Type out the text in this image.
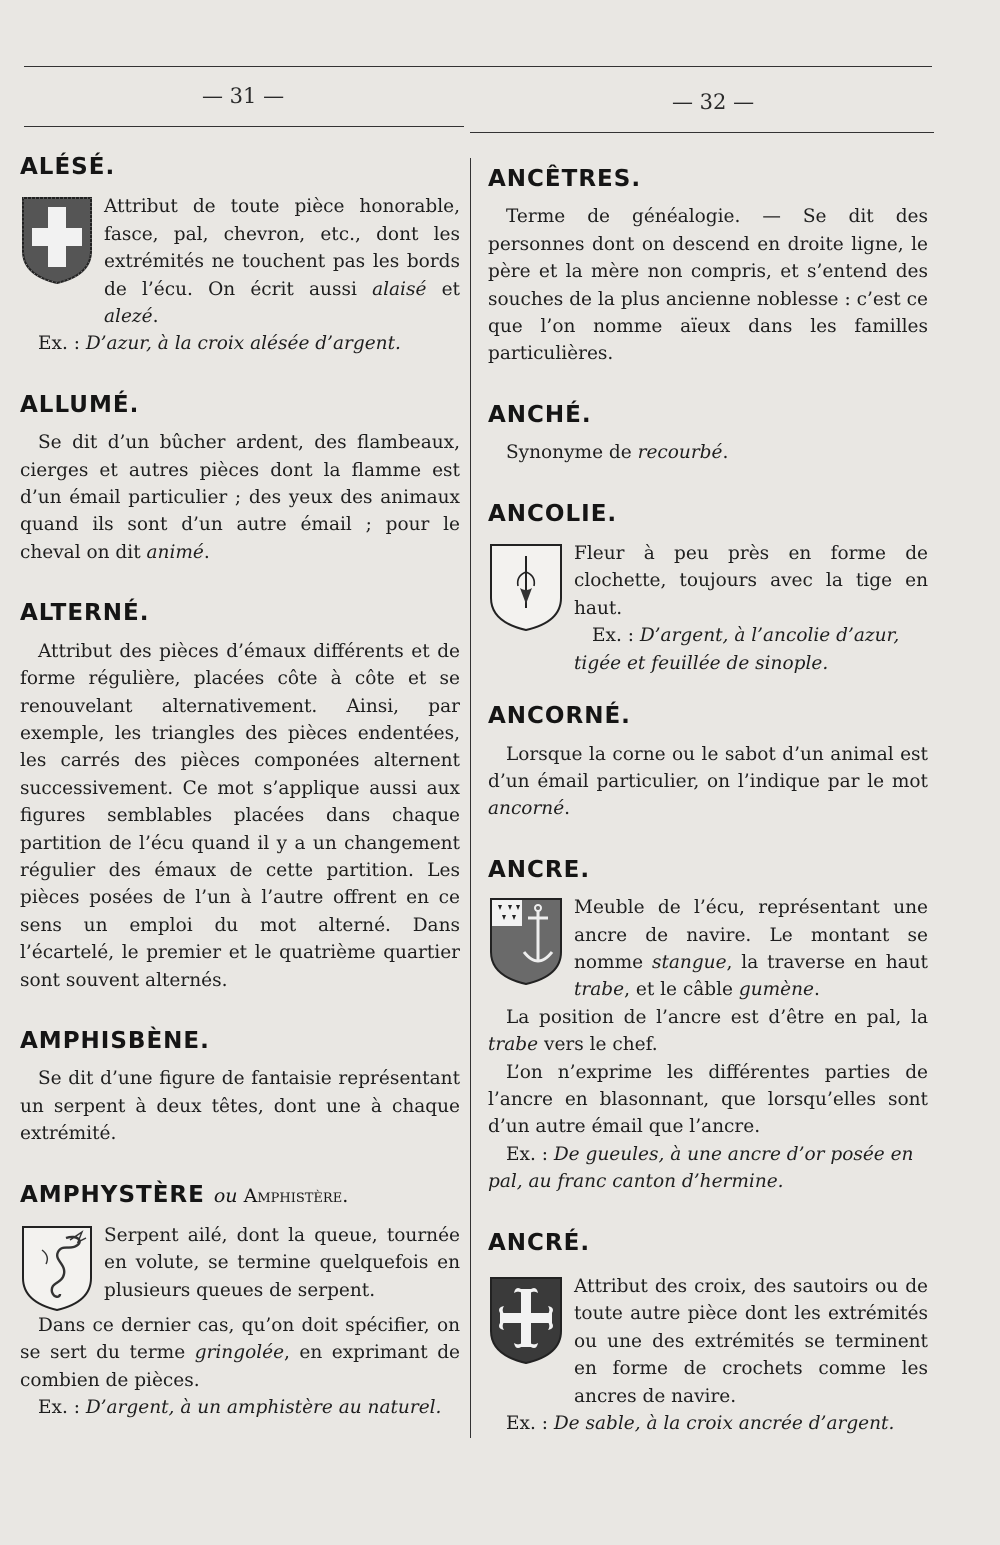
— 31 —	— 32 —
ALÉSÉ.

Attribut de toute pièce honorable, fasce, pal, chevron, etc., dont les extrémités ne touchent pas les bords de l’écu. On écrit aussi alaisé et alezé.

Ex. : D’azur, à la croix alésée d’argent.

ALLUMÉ.

Se dit d’un bûcher ardent, des flambeaux, cierges et autres pièces dont la flamme est d’un émail particulier ; des yeux des animaux quand ils sont d’un autre émail ; pour le cheval on dit animé.

ALTERNÉ.

Attribut des pièces d’émaux différents et de forme régulière, placées côte à côte et se renouvelant alternativement. Ainsi, par exemple, les triangles des pièces endentées, les carrés des pièces componées alternent successivement. Ce mot s’applique aussi aux figures semblables placées dans chaque partition de l’écu quand il y a un changement régulier des émaux de cette partition. Les pièces posées de l’un à l’autre offrent en ce sens un emploi du mot alterné. Dans l’écartelé, le premier et le quatrième quartier sont souvent alternés.

AMPHISBÈNE.

Se dit d’une figure de fantaisie représentant un serpent à deux têtes, dont une à chaque extrémité.

AMPHYSTÈRE ou Amphistère.

Serpent ailé, dont la queue, tournée en volute, se termine quelquefois en plusieurs queues de serpent.

Dans ce dernier cas, qu’on doit spécifier, on se sert du terme gringolée, en exprimant de combien de pièces.

Ex. : D’argent, à un amphistère au naturel.

ANCÊTRES.

Terme de généalogie. — Se dit des personnes dont on descend en droite ligne, le père et la mère non compris, et s’entend des souches de la plus ancienne noblesse : c’est ce que l’on nomme aïeux dans les familles particulières.

ANCHÉ.

Synonyme de recourbé.

ANCOLIE.

Fleur à peu près en forme de clochette, toujours avec la tige en haut.

Ex. : D’argent, à l’ancolie d’azur, tigée et feuillée de sinople.

ANCORNÉ.

Lorsque la corne ou le sabot d’un animal est d’un émail particulier, on l’indique par le mot ancorné.

ANCRE.

Meuble de l’écu, représentant une ancre de navire. Le montant se nomme stangue, la traverse en haut trabe, et le câble gumène.

La position de l’ancre est d’être en pal, la trabe vers le chef.

L’on n’exprime les différentes parties de l’ancre en blasonnant, que lorsqu’elles sont d’un autre émail que l’ancre.

Ex. : De gueules, à une ancre d’or posée en pal, au franc canton d’hermine.

ANCRÉ.

Attribut des croix, des sautoirs ou de toute autre pièce dont les extrémités ou une des extrémités se terminent en forme de crochets comme les ancres de navire.

Ex. : De sable, à la croix ancrée d’argent.
